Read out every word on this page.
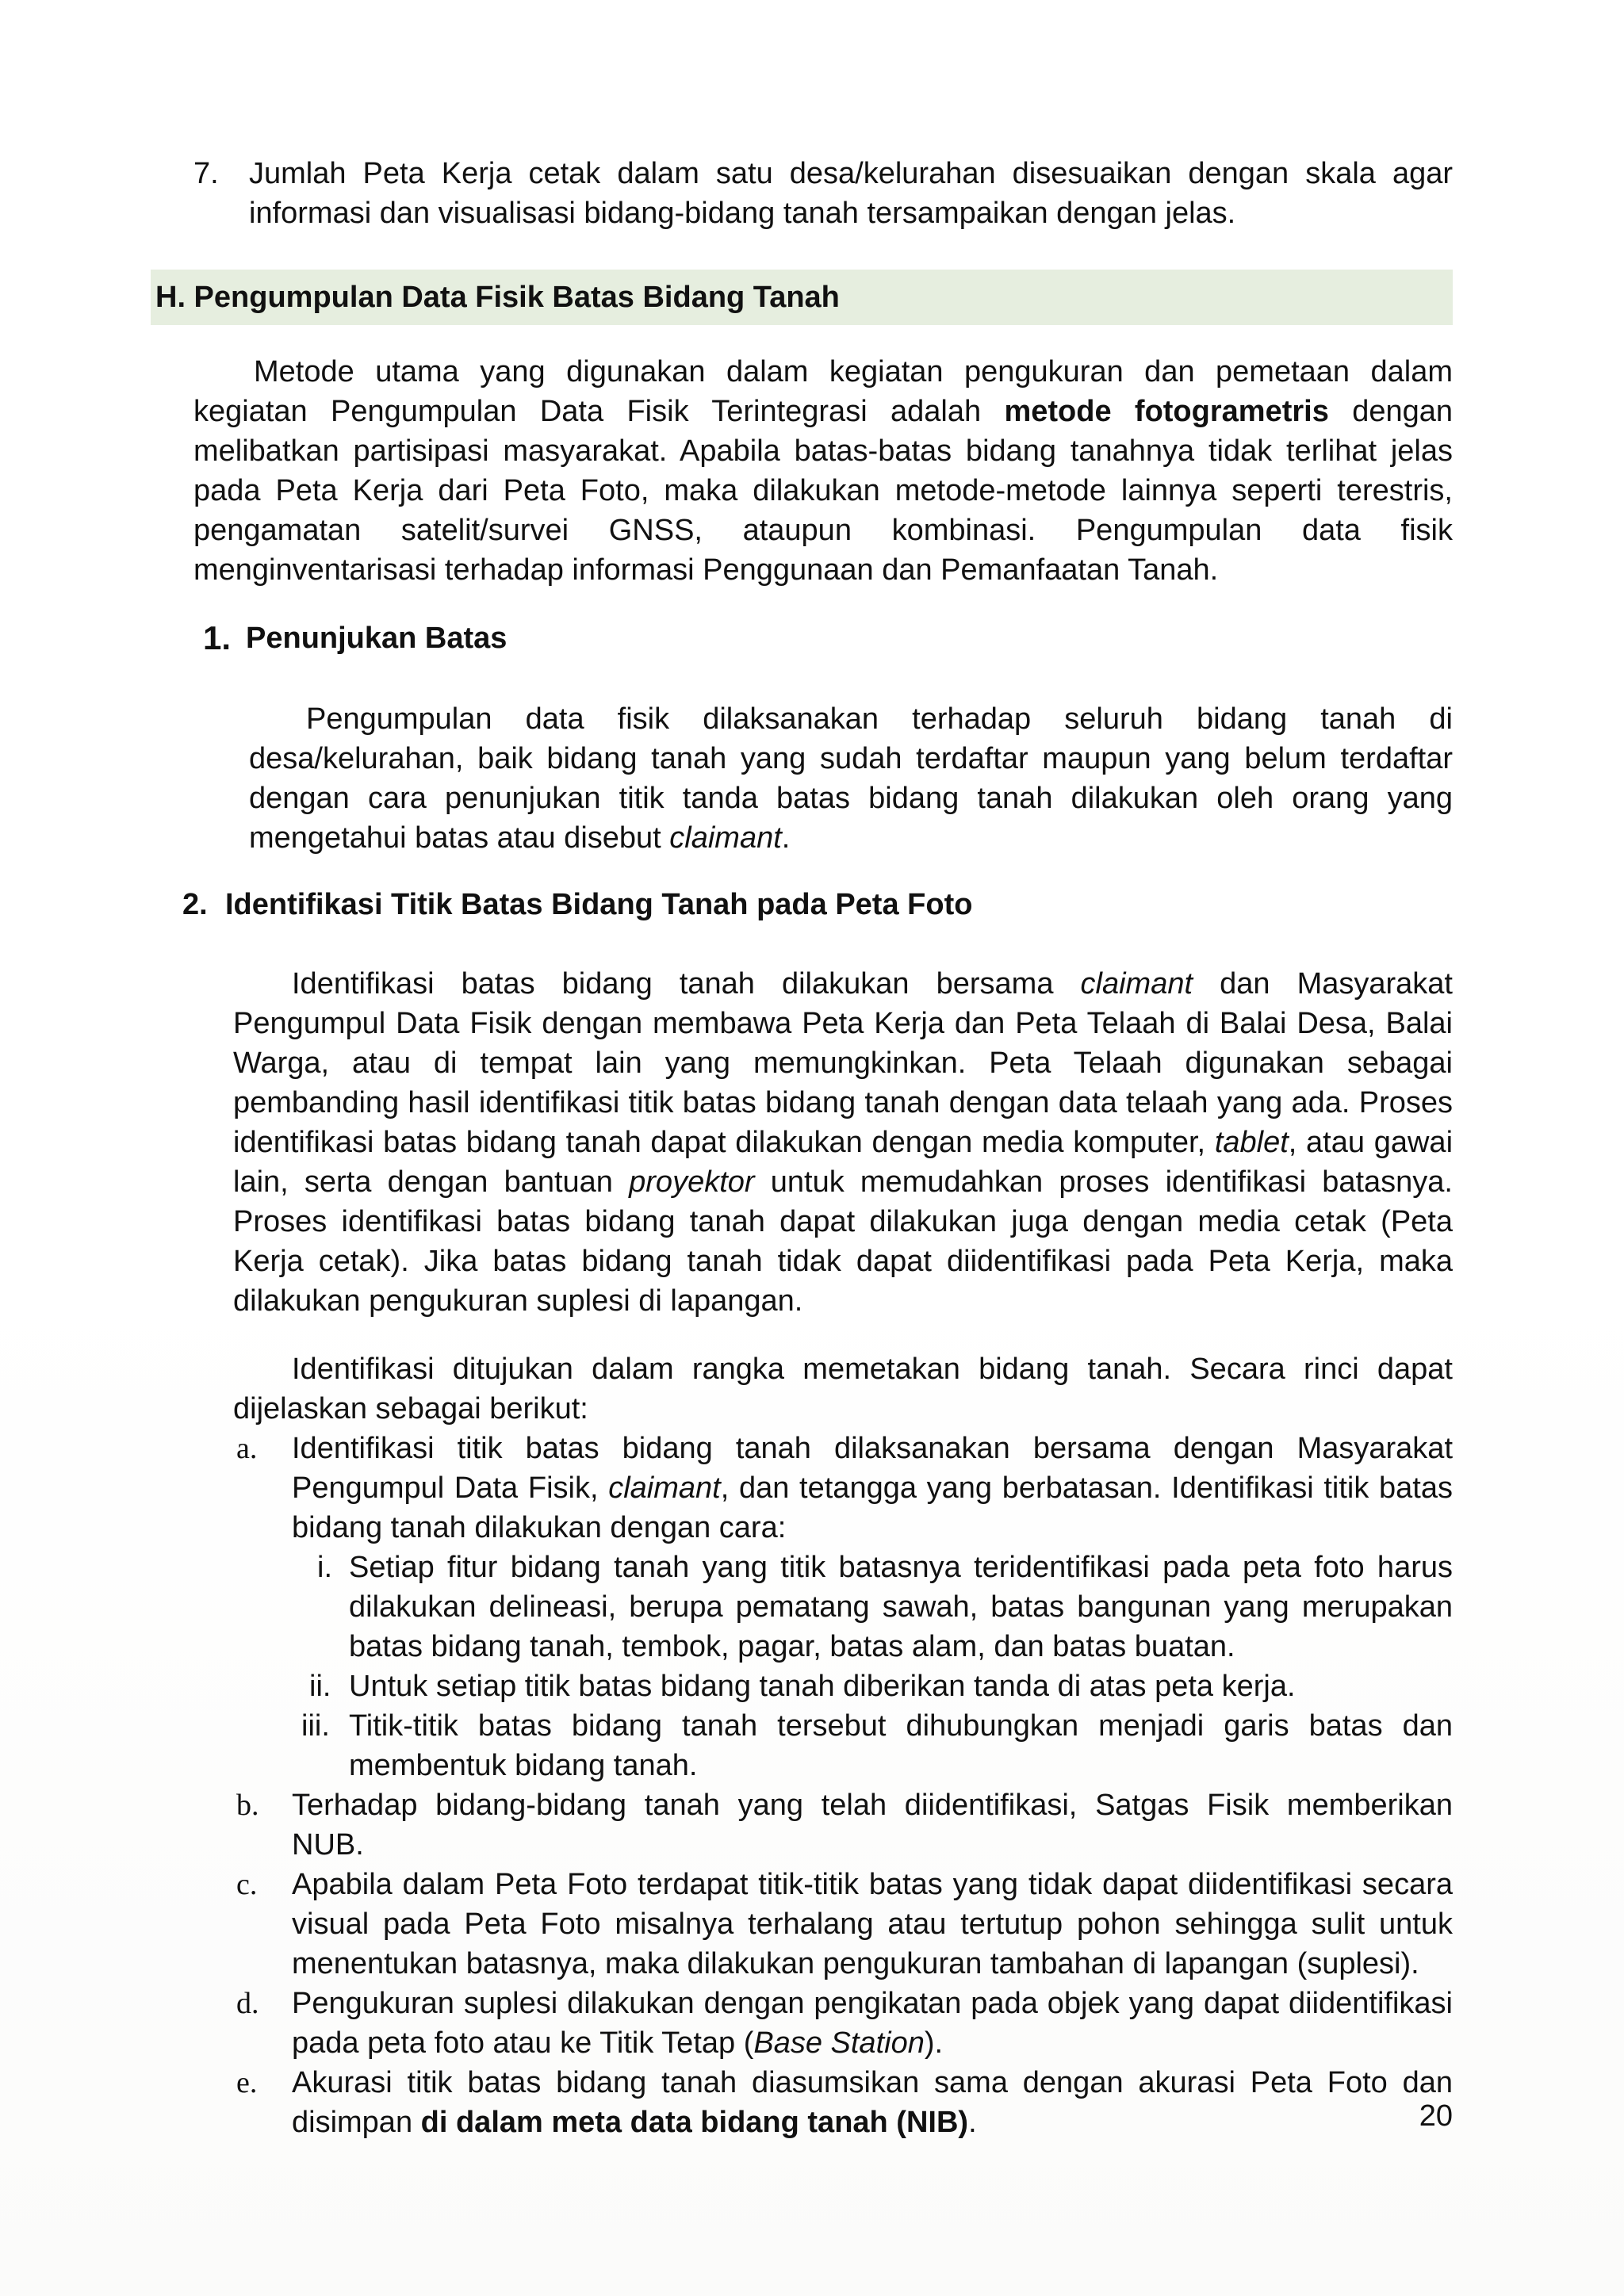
7. Jumlah Peta Kerja cetak dalam satu desa/kelurahan disesuaikan dengan skala agar informasi dan visualisasi bidang-bidang tanah tersampaikan dengan jelas.
H. Pengumpulan Data Fisik Batas Bidang Tanah
Metode utama yang digunakan dalam kegiatan pengukuran dan pemetaan dalam kegiatan Pengumpulan Data Fisik Terintegrasi adalah metode fotogrametris dengan melibatkan partisipasi masyarakat. Apabila batas-batas bidang tanahnya tidak terlihat jelas pada Peta Kerja dari Peta Foto, maka dilakukan metode-metode lainnya seperti terestris, pengamatan satelit/survei GNSS, ataupun kombinasi. Pengumpulan data fisik menginventarisasi terhadap informasi Penggunaan dan Pemanfaatan Tanah.
1. Penunjukan Batas
Pengumpulan data fisik dilaksanakan terhadap seluruh bidang tanah di desa/kelurahan, baik bidang tanah yang sudah terdaftar maupun yang belum terdaftar dengan cara penunjukan titik tanda batas bidang tanah dilakukan oleh orang yang mengetahui batas atau disebut claimant.
2. Identifikasi Titik Batas Bidang Tanah pada Peta Foto
Identifikasi batas bidang tanah dilakukan bersama claimant dan Masyarakat Pengumpul Data Fisik dengan membawa Peta Kerja dan Peta Telaah di Balai Desa, Balai Warga, atau di tempat lain yang memungkinkan. Peta Telaah digunakan sebagai pembanding hasil identifikasi titik batas bidang tanah dengan data telaah yang ada. Proses identifikasi batas bidang tanah dapat dilakukan dengan media komputer, tablet, atau gawai lain, serta dengan bantuan proyektor untuk memudahkan proses identifikasi batasnya. Proses identifikasi batas bidang tanah dapat dilakukan juga dengan media cetak (Peta Kerja cetak). Jika batas bidang tanah tidak dapat diidentifikasi pada Peta Kerja, maka dilakukan pengukuran suplesi di lapangan.
Identifikasi ditujukan dalam rangka memetakan bidang tanah. Secara rinci dapat dijelaskan sebagai berikut:
a. Identifikasi titik batas bidang tanah dilaksanakan bersama dengan Masyarakat Pengumpul Data Fisik, claimant, dan tetangga yang berbatasan. Identifikasi titik batas bidang tanah dilakukan dengan cara:
i. Setiap fitur bidang tanah yang titik batasnya teridentifikasi pada peta foto harus dilakukan delineasi, berupa pematang sawah, batas bangunan yang merupakan batas bidang tanah, tembok, pagar, batas alam, dan batas buatan.
ii. Untuk setiap titik batas bidang tanah diberikan tanda di atas peta kerja.
iii. Titik-titik batas bidang tanah tersebut dihubungkan menjadi garis batas dan membentuk bidang tanah.
b. Terhadap bidang-bidang tanah yang telah diidentifikasi, Satgas Fisik memberikan NUB.
c. Apabila dalam Peta Foto terdapat titik-titik batas yang tidak dapat diidentifikasi secara visual pada Peta Foto misalnya terhalang atau tertutup pohon sehingga sulit untuk menentukan batasnya, maka dilakukan pengukuran tambahan di lapangan (suplesi).
d. Pengukuran suplesi dilakukan dengan pengikatan pada objek yang dapat diidentifikasi pada peta foto atau ke Titik Tetap (Base Station).
e. Akurasi titik batas bidang tanah diasumsikan sama dengan akurasi Peta Foto dan disimpan di dalam meta data bidang tanah (NIB).	20
